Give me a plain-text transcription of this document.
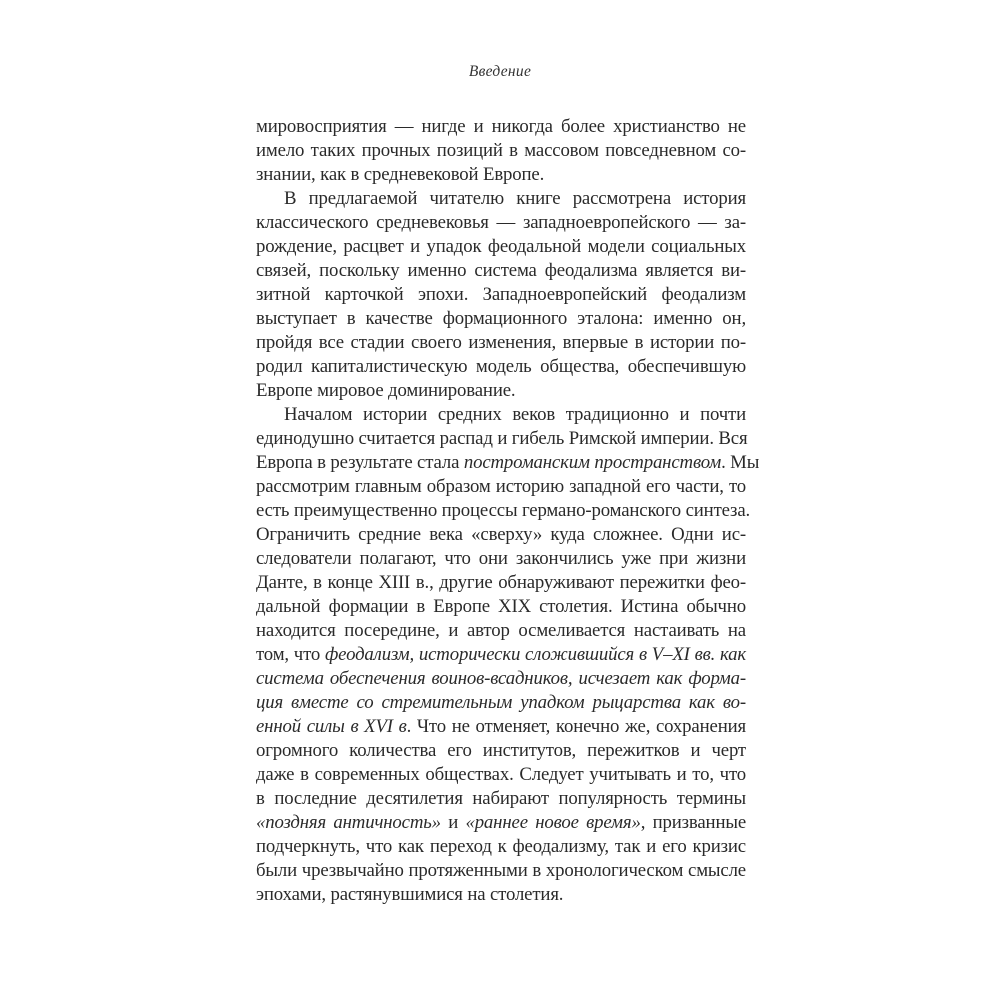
Введение
мировосприятия — нигде и никогда более христианство не
имело таких прочных позиций в массовом повседневном со-
знании, как в средневековой Европе.
В предлагаемой читателю книге рассмотрена история
классического средневековья — западноевропейского — за-
рождение, расцвет и упадок феодальной модели социальных
связей, поскольку именно система феодализма является ви-
зитной карточкой эпохи. Западноевропейский феодализм
выступает в качестве формационного эталона: именно он,
пройдя все стадии своего изменения, впервые в истории по-
родил капиталистическую модель общества, обеспечившую
Европе мировое доминирование.
Началом истории средних веков традиционно и почти
единодушно считается распад и гибель Римской империи. Вся
Европа в результате стала построманским пространством. Мы
рассмотрим главным образом историю западной его части, то
есть преимущественно процессы германо-романского синтеза.
Ограничить средние века «сверху» куда сложнее. Одни ис-
следователи полагают, что они закончились уже при жизни
Данте, в конце XIII в., другие обнаруживают пережитки фео-
дальной формации в Европе XIX столетия. Истина обычно
находится посередине, и автор осмеливается настаивать на
том, что феодализм, исторически сложившийся в V–XI вв. как
система обеспечения воинов-всадников, исчезает как форма-
ция вместе со стремительным упадком рыцарства как во-
енной силы в XVI в. Что не отменяет, конечно же, сохранения
огромного количества его институтов, пережитков и черт
даже в современных обществах. Следует учитывать и то, что
в последние десятилетия набирают популярность термины
«поздняя античность» и «раннее новое время», призванные
подчеркнуть, что как переход к феодализму, так и его кризис
были чрезвычайно протяженными в хронологическом смысле
эпохами, растянувшимися на столетия.
